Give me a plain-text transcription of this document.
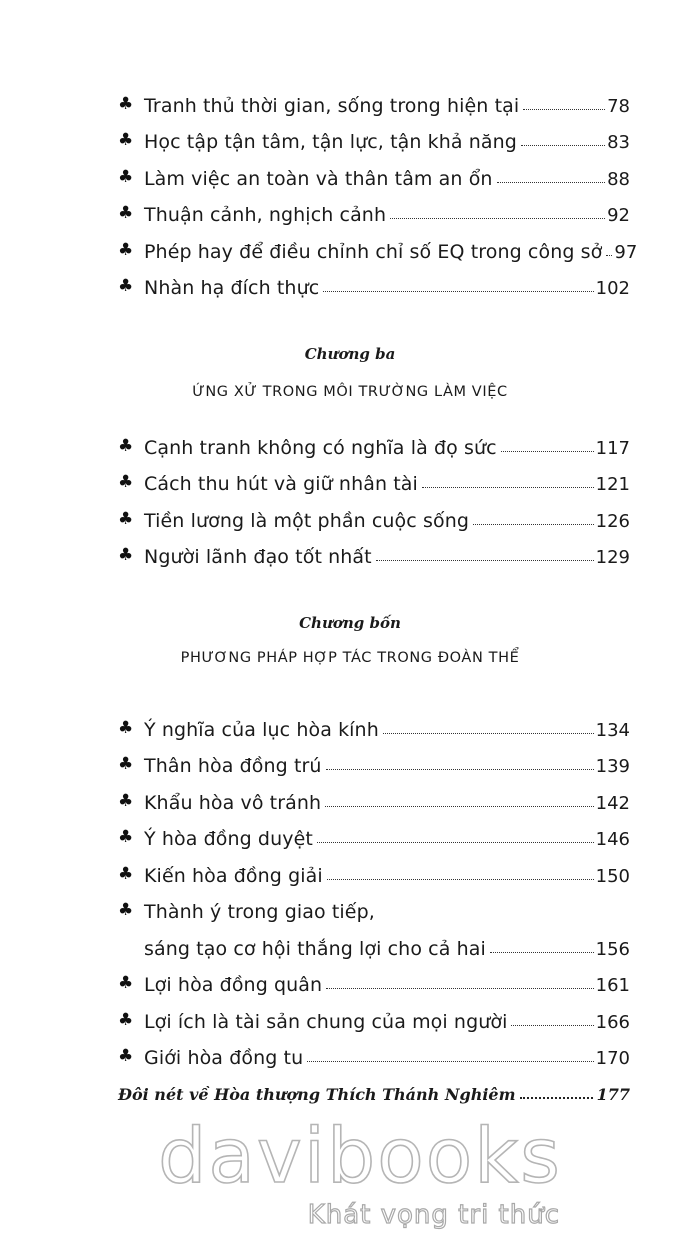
♣ Tranh thủ thời gian, sống trong hiện tại	78
♣ Học tập tận tâm, tận lực, tận khả năng	83
♣ Làm việc an toàn và thân tâm an ổn	88
♣ Thuận cảnh, nghịch cảnh	92
♣ Phép hay để điều chỉnh chỉ số EQ trong công sở 97
♣ Nhàn hạ đích thực	102
Chương ba
ỨNG XỬ TRONG MÔI TRƯỜNG LÀM VIỆC
♣ Cạnh tranh không có nghĩa là đọ sức	117
♣ Cách thu hút và giữ nhân tài	121
♣ Tiền lương là một phần cuộc sống	126
♣ Người lãnh đạo tốt nhất	129
Chương bốn
PHƯƠNG PHÁP HỢP TÁC TRONG ĐOÀN THỂ
♣ Ý nghĩa của lục hòa kính	134
♣ Thân hòa đồng trú	139
♣ Khẩu hòa vô tránh	142
♣ Ý hòa đồng duyệt	146
♣ Kiến hòa đồng giải	150
♣ Thành ý trong giao tiếp,
sáng tạo cơ hội thắng lợi cho cả hai	156
♣ Lợi hòa đồng quân	161
♣ Lợi ích là tài sản chung của mọi người	166
♣ Giới hòa đồng tu	170
Đôi nét về Hòa thượng Thích Thánh Nghiêm	177
davibooks
Khát vọng tri thức
